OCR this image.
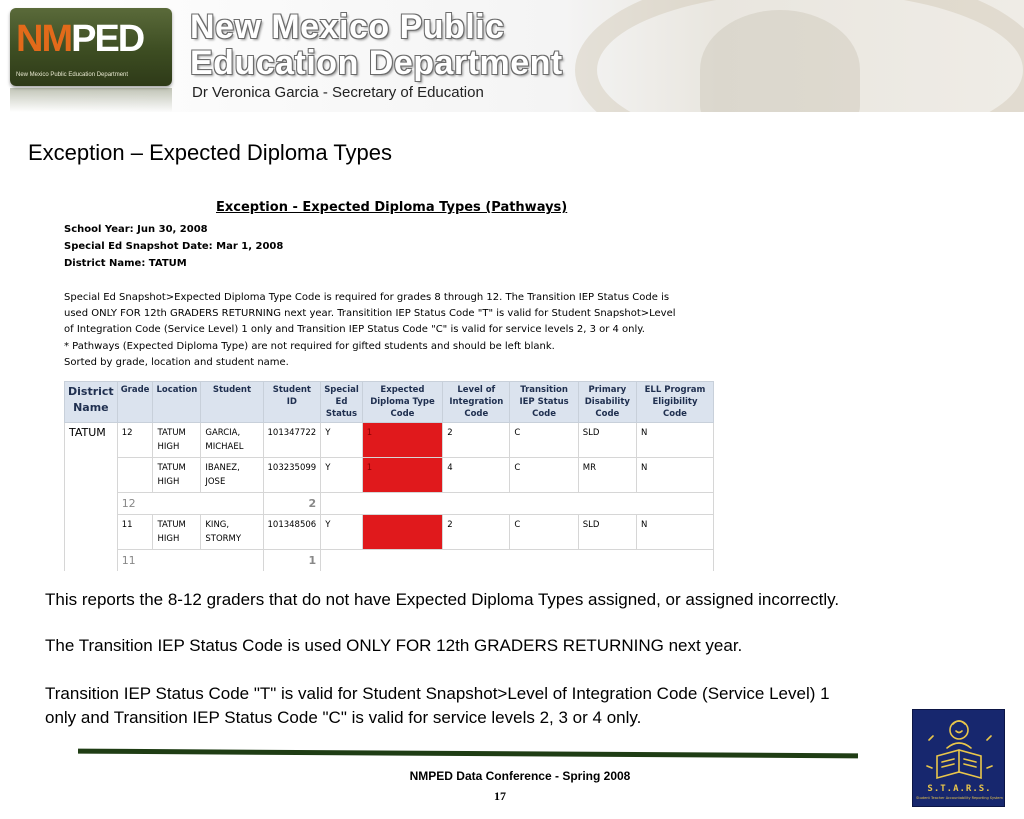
NMPED
New Mexico Public Education Department
New Mexico Public
Education Department
Dr Veronica Garcia - Secretary of Education
Exception – Expected Diploma Types
Exception - Expected Diploma Types (Pathways)
School Year: Jun 30, 2008
Special Ed Snapshot Date: Mar 1, 2008
District Name: TATUM
Special Ed Snapshot>Expected Diploma Type Code is required for grades 8 through 12. The Transition IEP Status Code is
used ONLY FOR 12th GRADERS RETURNING next year. Transitition IEP Status Code "T" is valid for Student Snapshot>Level
of Integration Code (Service Level) 1 only and Transition IEP Status Code "C" is valid for service levels 2, 3 or 4 only.
* Pathways (Expected Diploma Type) are not required for gifted students and should be left blank.
Sorted by grade, location and student name.
District Name	Grade	Location	Student	Student ID	Special Ed Status	Expected Diploma Type Code	Level of Integration Code	Transition IEP Status Code	Primary Disability Code	ELL Program Eligibility Code
TATUM	12	TATUM HIGH	GARCIA, MICHAEL	101347722	Y	1	2	C	SLD	N
		TATUM HIGH	IBANEZ, JOSE	103235099	Y	1	4	C	MR	N
	12			2						
	11	TATUM HIGH	KING, STORMY	101348506	Y		2	C	SLD	N
	11			1						
This reports the 8-12 graders that do not have Expected Diploma Types assigned, or assigned incorrectly.
The Transition IEP Status Code is used ONLY FOR 12th GRADERS RETURNING next year.
Transition IEP Status Code "T" is valid for Student Snapshot>Level of Integration Code (Service Level) 1
only and Transition IEP Status Code "C" is valid for service levels 2, 3 or 4 only.
NMPED Data Conference - Spring 2008
17	S.T.A.R.S.
Student Teacher Accountability Reporting System
